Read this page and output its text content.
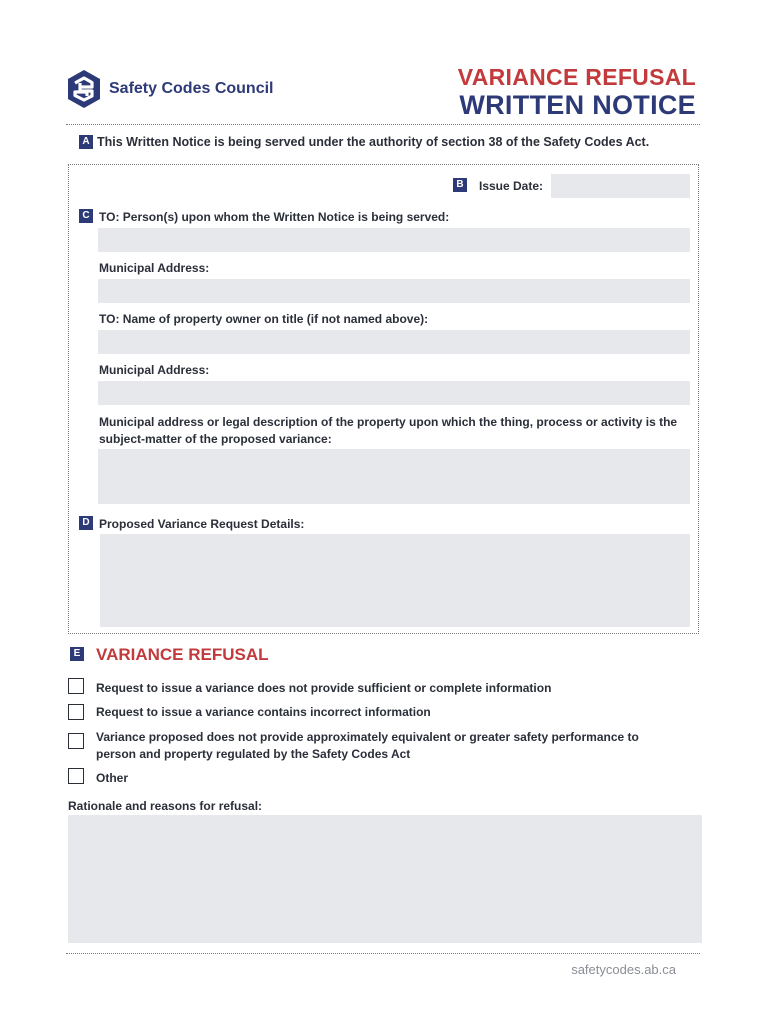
Safety Codes Council	VARIANCE REFUSAL
WRITTEN NOTICE
A This Written Notice is being served under the authority of section 38 of the Safety Codes Act.
B Issue Date:
C TO: Person(s) upon whom the Written Notice is being served:
Municipal Address:
TO: Name of property owner on title (if not named above):
Municipal Address:
Municipal address or legal description of the property upon which the thing, process or activity is the subject-matter of the proposed variance:
D Proposed Variance Request Details:
E VARIANCE REFUSAL
Request to issue a variance does not provide sufficient or complete information
Request to issue a variance contains incorrect information
Variance proposed does not provide approximately equivalent or greater safety performance to person and property regulated by the Safety Codes Act
Other
Rationale and reasons for refusal:
safetycodes.ab.ca
